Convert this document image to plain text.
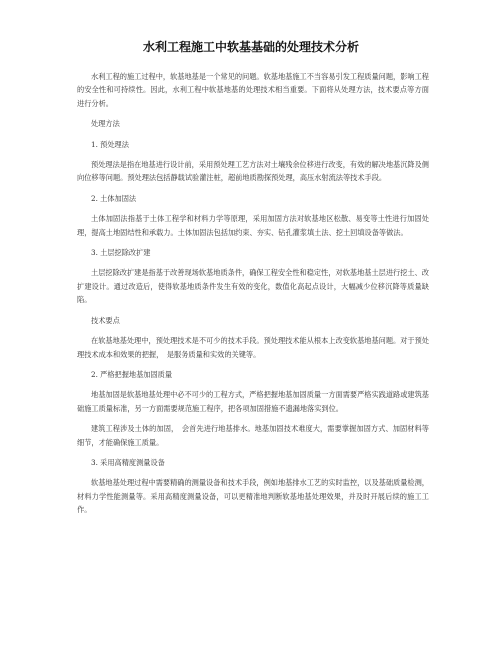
水利工程施工中软基基础的处理技术分析

水利工程的施工过程中，软基地基是一个常见的问题。软基地基施工不当容易引发工程质量问题，影响工程的安全性和可持续性。因此，水利工程中软基地基的处理技术相当重要。下面将从处理方法，技术要点等方面进行分析。

处理方法

1. 预处理法

预处理法是指在地基进行设计前，采用预处理工艺方法对土壤残余位移进行改变，有效的解决地基沉降及侧向位移等问题。预处理法包括静载试验灌注桩，超前地质勘探预处理，高压水射流法等技术手段。

2. 土体加固法

土体加固法指基于土体工程学和材料力学等原理，采用加固方法对软基地区松散、易变等土性进行加固处理，提高土地固结性和承载力。土体加固法包括加约束、夯实、钻孔灌浆填土法、挖土回填设备等做法。

3. 土层挖除改扩建

土层挖除改扩建是指基于改善现场软基地质条件，确保工程安全性和稳定性，对软基地基土层进行挖土、改扩建设计。通过改造后，使得软基地质条件发生有效的变化，数值化高起点设计，大幅减少位移沉降等质量缺陷。

技术要点

在软基地基处理中，预处理技术是不可少的技术手段。预处理技术能从根本上改变软基地基问题。对于预处理技术成本和效果的把握，　是服务质量和实效的关键等。

2. 严格把握地基加固质量

地基加固是软基地基处理中必不可少的工程方式，严格把握地基加固质量一方面需要严格实践道路或建筑基础施工质量标准，另一方面需要规范施工程序，把各项加固措施不遗漏地落实到位。

建筑工程涉及土体的加固，　会首先进行地基排水。地基加固技术难度大，需要掌握加固方式、加固材料等细节，才能确保施工质量。

3. 采用高精度测量设备

软基地基处理过程中需要精确的测量设备和技术手段，例如地基排水工艺的实时监控，以及基础质量检测，材料力学性能测量等。采用高精度测量设备，可以更精准地判断软基地基处理效果，并及时开展后续的施工工作。
